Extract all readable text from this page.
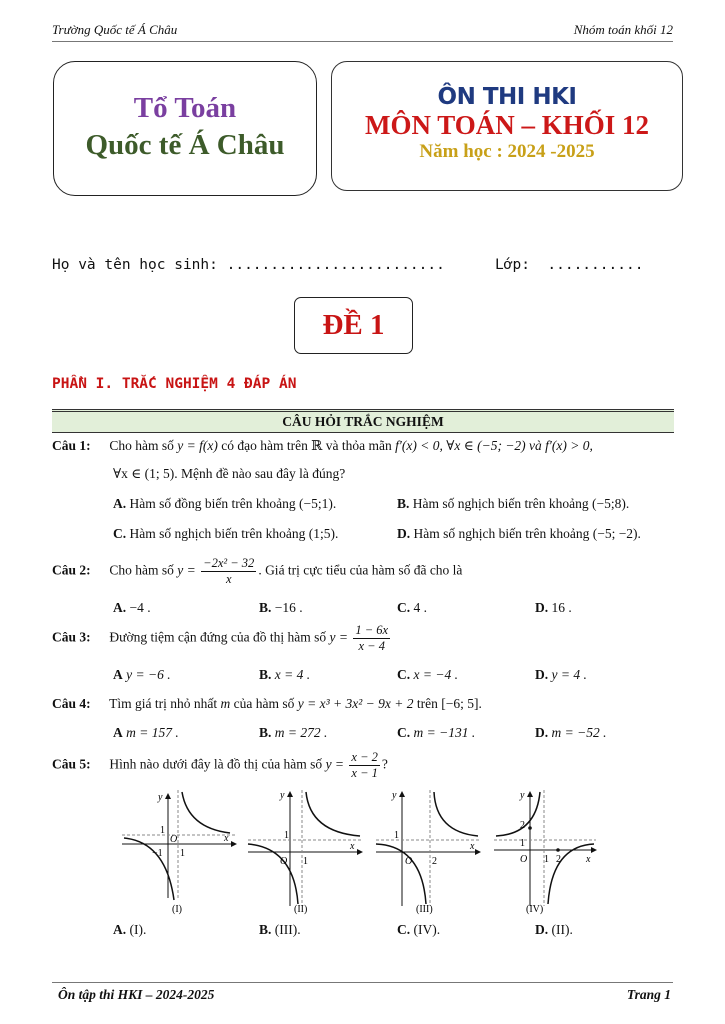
Trường Quốc tế Á Châu	Nhóm toán khối 12
Tổ Toán
Quốc tế Á Châu
ÔN THI HKI
MÔN TOÁN – KHỐI 12
Năm học : 2024 -2025
Họ và tên học sinh: .........................	Lớp: ...........
ĐỀ 1
PHẦN I. TRẮC NGHIỆM 4 ĐÁP ÁN
CÂU HỎI TRẮC NGHIỆM
Câu 1: Cho hàm số y = f(x) có đạo hàm trên ℝ và thỏa mãn f′(x) < 0, ∀x ∈ (−5; −2) và f′(x) > 0,
∀x ∈ (1; 5). Mệnh đề nào sau đây là đúng?
A. Hàm số đồng biến trên khoảng (−5;1).	B. Hàm số nghịch biến trên khoảng (−5;8).
C. Hàm số nghịch biến trên khoảng (1;5).	D. Hàm số nghịch biến trên khoảng (−5; −2).
Câu 2: Cho hàm số $y = \frac{\text{−2x² − 32}}{x}$ . Giá trị cực tiểu của hàm số đã cho là
A. −4 .	B. −16 .	C. 4 .	D. 16 .
Câu 3: Đường tiệm cận đứng của đồ thị hàm số $y = \frac{1 - 6x}{x - 4}$
A y = −6 .	B. x = 4 .	C. x = −4 .	D. y = 4 .
Câu 4: Tìm giá trị nhỏ nhất m của hàm số y = x³ + 3x² − 9x + 2 trên [−6; 5].
A m = 157 .	B. m = 272 .	C. m = −131 .	D. m = −52 .
Câu 5: Hình nào dưới đây là đồ thị của hàm số $y = \frac{x - 2}{x - 1}$ ?
y
x
O
1
1
−1
(I)
y
x
O
1
1
(II)
y
x
O
1
2
(III)
y
x
O
2
1
1 2
(IV)
A. (I).	B. (III).	C. (IV).	D. (II).
Ôn tập thi HKI – 2024-2025	Trang 1
